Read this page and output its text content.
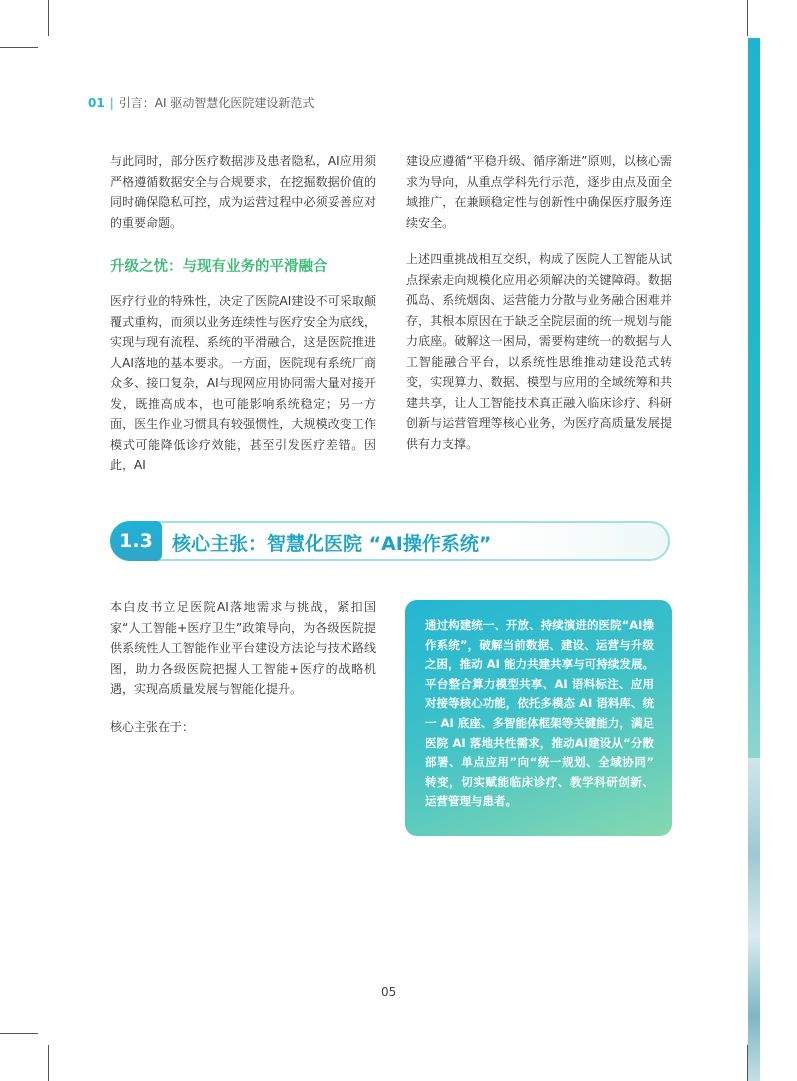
01 | 引言：AI 驱动智慧化医院建设新范式

与此同时，部分医疗数据涉及患者隐私，AI应用须严格遵循数据安全与合规要求，在挖掘数据价值的同时确保隐私可控，成为运营过程中必须妥善应对的重要命题。

升级之忧：与现有业务的平滑融合

医疗行业的特殊性，决定了医院AI建设不可采取颠覆式重构，而须以业务连续性与医疗安全为底线，实现与现有流程、系统的平滑融合，这是医院推进人AI落地的基本要求。一方面，医院现有系统厂商众多、接口复杂，AI与现网应用协同需大量对接开发，既推高成本，也可能影响系统稳定；另一方面，医生作业习惯具有较强惯性，大规模改变工作模式可能降低诊疗效能，甚至引发医疗差错。因此，AI

建设应遵循“平稳升级、循序渐进”原则，以核心需求为导向，从重点学科先行示范，逐步由点及面全域推广，在兼顾稳定性与创新性中确保医疗服务连续安全。

上述四重挑战相互交织，构成了医院人工智能从试点探索走向规模化应用必须解决的关键障碍。数据孤岛、系统烟囱、运营能力分散与业务融合困难并存，其根本原因在于缺乏全院层面的统一规划与能力底座。破解这一困局，需要构建统一的数据与人工智能融合平台，以系统性思维推动建设范式转变，实现算力、数据、模型与应用的全域统筹和共建共享，让人工智能技术真正融入临床诊疗、科研创新与运营管理等核心业务，为医疗高质量发展提供有力支撑。

1.3	核心主张：智慧化医院 “AI操作系统”

本白皮书立足医院AI落地需求与挑战，紧扣国家“人工智能+医疗卫生”政策导向，为各级医院提供系统性人工智能作业平台建设方法论与技术路线图，助力各级医院把握人工智能+医疗的战略机遇，实现高质量发展与智能化提升。

核心主张在于：

通过构建统一、开放、持续演进的医院“AI操作系统”，破解当前数据、建设、运营与升级之困，推动 AI 能力共建共享与可持续发展。平台整合算力模型共享、AI 语料标注、应用对接等核心功能，依托多模态 AI 语料库、统一 AI 底座、多智能体框架等关键能力，满足医院 AI 落地共性需求，推动AI建设从“分散部署、单点应用”向“统一规划、全域协同” 转变，切实赋能临床诊疗、教学科研创新、运营管理与患者。

05
